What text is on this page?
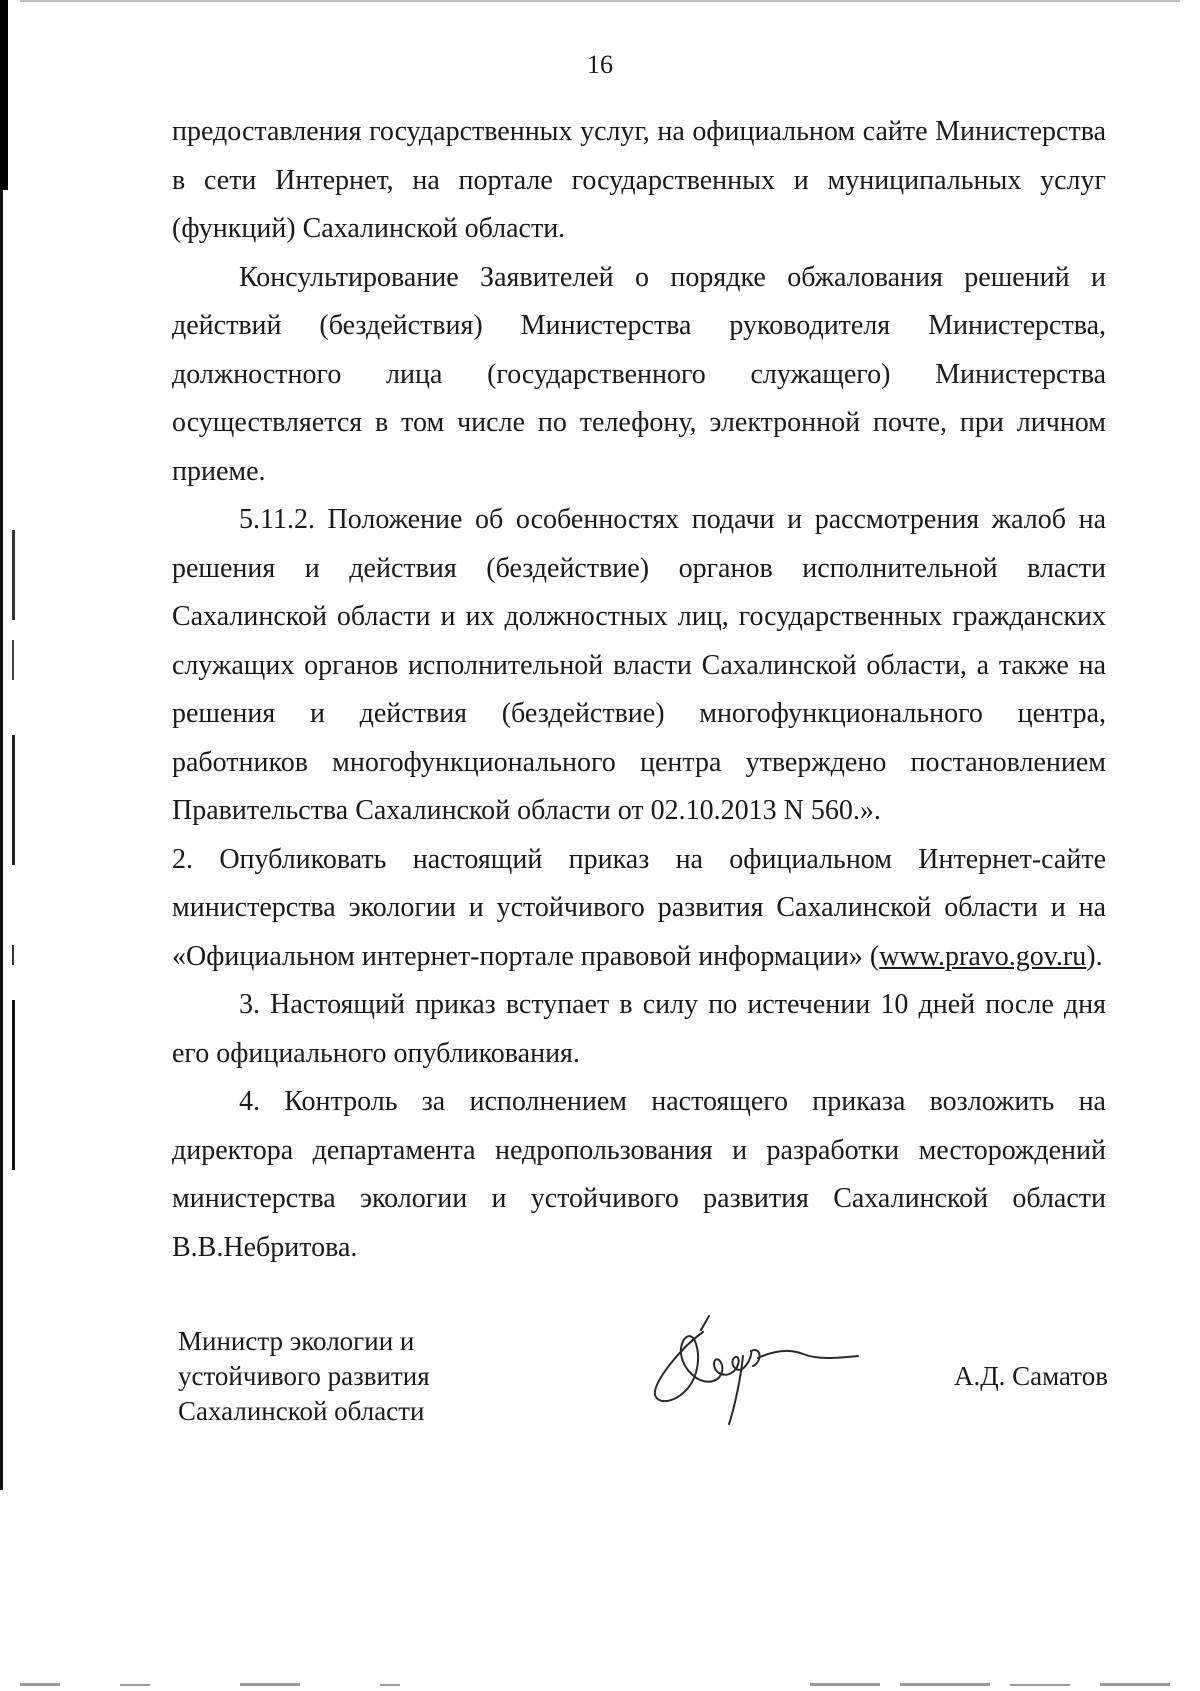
16

предоставления государственных услуг, на официальном сайте Министерства в сети Интернет, на портале государственных и муниципальных услуг (функций) Сахалинской области.

Консультирование Заявителей о порядке обжалования решений и действий (бездействия) Министерства руководителя Министерства, должностного лица (государственного служащего) Министерства осуществляется в том числе по телефону, электронной почте, при личном приеме.

5.11.2. Положение об особенностях подачи и рассмотрения жалоб на решения и действия (бездействие) органов исполнительной власти Сахалинской области и их должностных лиц, государственных гражданских служащих органов исполнительной власти Сахалинской области, а также на решения и действия (бездействие) многофункционального центра, работников многофункционального центра утверждено постановлением Правительства Сахалинской области от 02.10.2013 N 560.».

2. Опубликовать настоящий приказ на официальном Интернет-сайте министерства экологии и устойчивого развития Сахалинской области и на «Официальном интернет-портале правовой информации» (www.pravo.gov.ru).

3. Настоящий приказ вступает в силу по истечении 10 дней после дня его официального опубликования.

4. Контроль за исполнением настоящего приказа возложить на директора департамента недропользования и разработки месторождений министерства экологии и устойчивого развития Сахалинской области В.В.Небритова.

Министр экологии и
устойчивого развития
Сахалинской области
А.Д. Саматов
